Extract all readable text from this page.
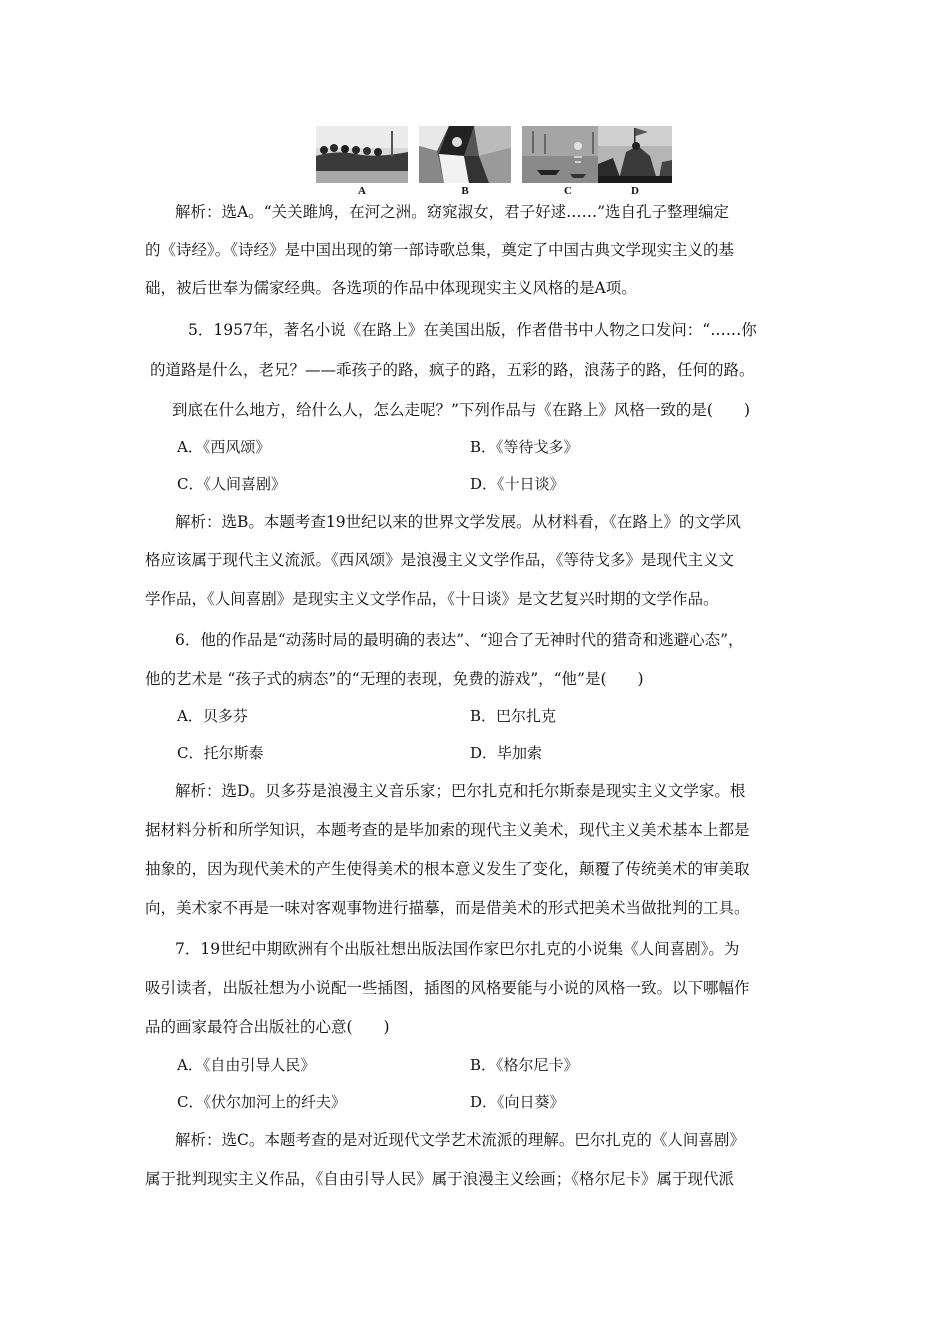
A	B	C	D
解析：选A。“关关雎鸠，在河之洲。窈窕淑女，君子好逑……”选自孔子整理编定
的《诗经》。《诗经》是中国出现的第一部诗歌总集，奠定了中国古典文学现实主义的基
础，被后世奉为儒家经典。各选项的作品中体现现实主义风格的是A项。
5．1957年，著名小说《在路上》在美国出版，作者借书中人物之口发问：“……你
的道路是什么，老兄？——乖孩子的路，疯子的路，五彩的路，浪荡子的路，任何的路。
到底在什么地方，给什么人，怎么走呢？”下列作品与《在路上》风格一致的是(　　)
A．《西风颂》	B．《等待戈多》
C．《人间喜剧》	D．《十日谈》
解析：选B。本题考查19世纪以来的世界文学发展。从材料看，《在路上》的文学风
格应该属于现代主义流派。《西风颂》是浪漫主义文学作品，《等待戈多》是现代主义文
学作品，《人间喜剧》是现实主义文学作品，《十日谈》是文艺复兴时期的文学作品。
6．他的作品是“动荡时局的最明确的表达”、“迎合了无神时代的猎奇和逃避心态”，
他的艺术是 “孩子式的病态”的“无理的表现，免费的游戏”，“他”是(　　)
A．贝多芬	B．巴尔扎克
C．托尔斯泰	D．毕加索
解析：选D。贝多芬是浪漫主义音乐家；巴尔扎克和托尔斯泰是现实主义文学家。根
据材料分析和所学知识，本题考查的是毕加索的现代主义美术，现代主义美术基本上都是
抽象的，因为现代美术的产生使得美术的根本意义发生了变化，颠覆了传统美术的审美取
向，美术家不再是一味对客观事物进行描摹，而是借美术的形式把美术当做批判的工具。
7．19世纪中期欧洲有个出版社想出版法国作家巴尔扎克的小说集《人间喜剧》。为
吸引读者，出版社想为小说配一些插图，插图的风格要能与小说的风格一致。以下哪幅作
品的画家最符合出版社的心意(　　)
A．《自由引导人民》	B．《格尔尼卡》
C．《伏尔加河上的纤夫》	D．《向日葵》
解析：选C。本题考查的是对近现代文学艺术流派的理解。巴尔扎克的《人间喜剧》
属于批判现实主义作品，《自由引导人民》属于浪漫主义绘画；《格尔尼卡》属于现代派
